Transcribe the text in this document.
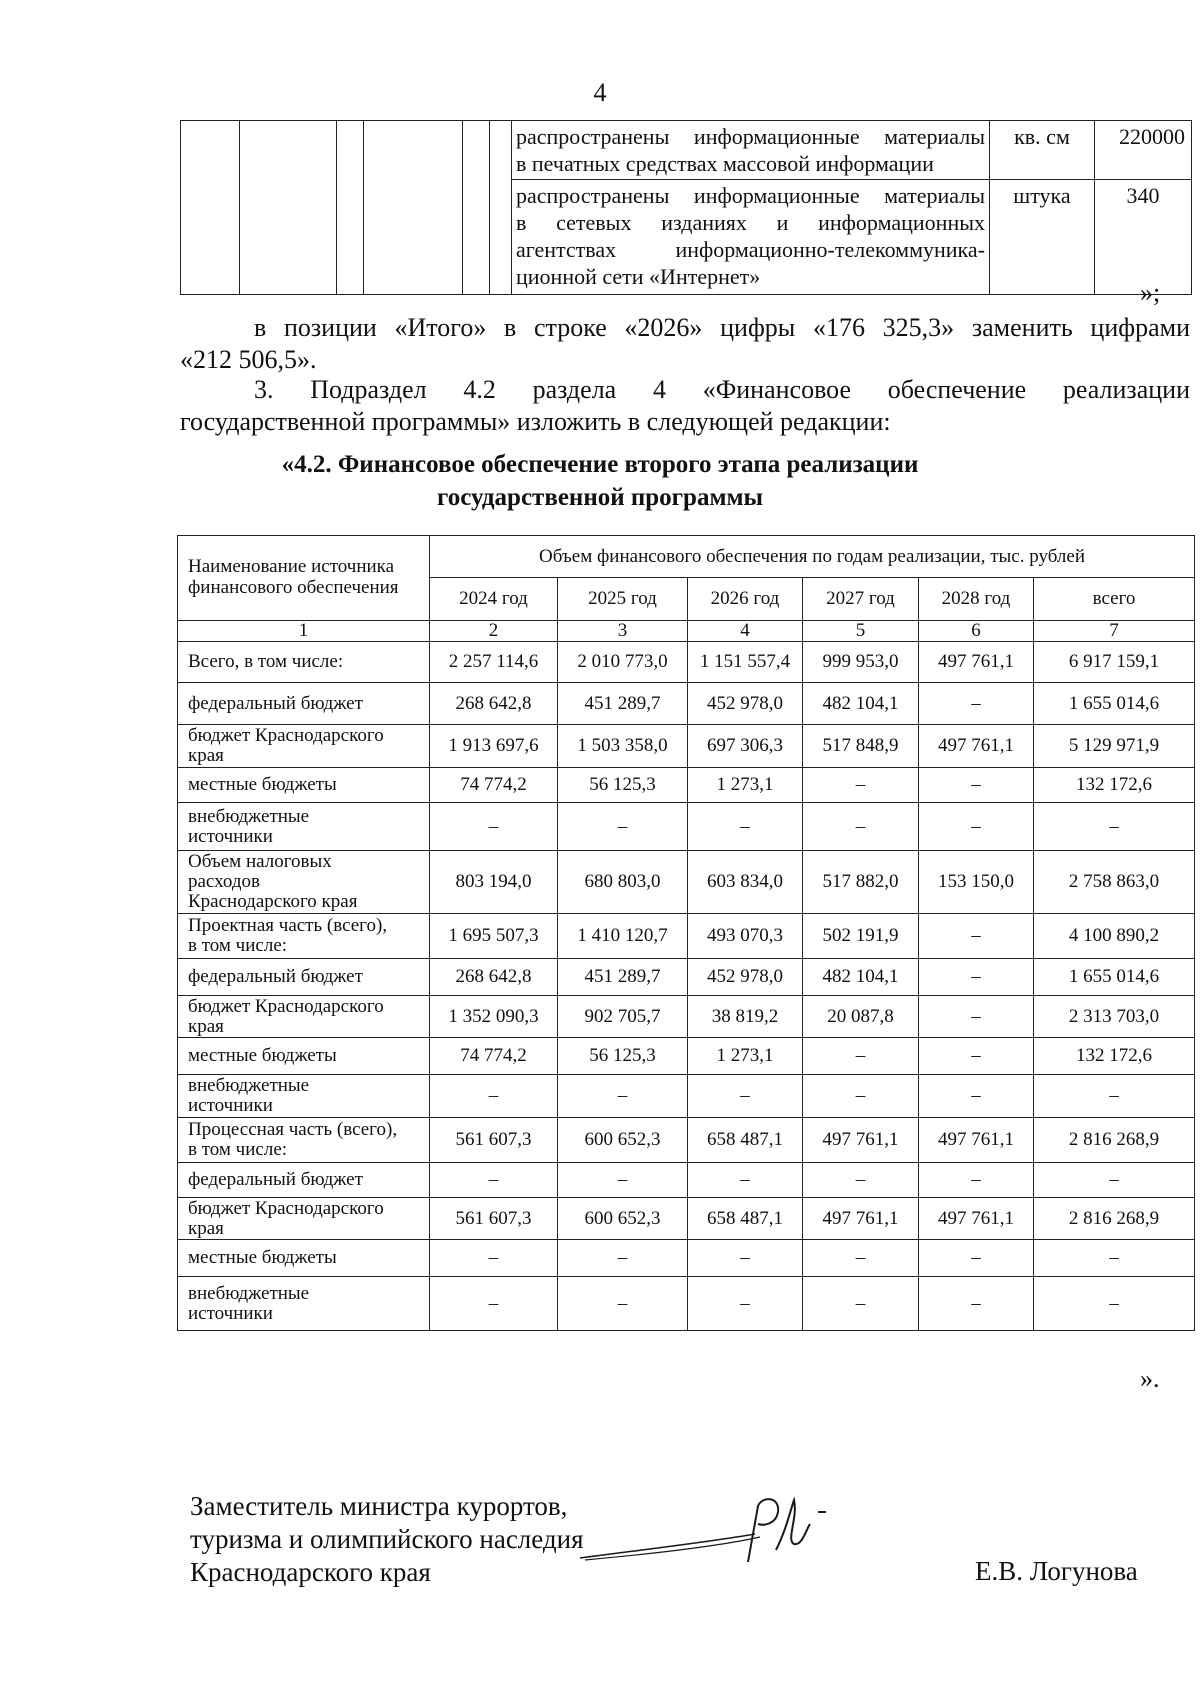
4
						распространены информационные материалы

в печатных средствах массовой информации	кв. см	220000
						распространены информационные материалы
в сетевых изданиях и информационных
агентствах информационно-телекоммуника-

ционной сети «Интернет»	штука	340
»;
в позиции «Итого» в строке «2026» цифры «176 325,3» заменить цифрами
«212 506,5».
3. Подраздел 4.2 раздела 4 «Финансовое обеспечение реализации
государственной программы» изложить в следующей редакции:
«4.2. Финансовое обеспечение второго этапа реализации
государственной программы
Наименование источника
финансового обеспечения	Объем финансового обеспечения по годам реализации, тыс. рублей					
	2024 год	2025 год	2026 год	2027 год	2028 год	всего
1	2	3	4	5	6	7
Всего, в том числе:	2 257 114,6	2 010 773,0	1 151 557,4	999 953,0	497 761,1	6 917 159,1
федеральный бюджет	268 642,8	451 289,7	452 978,0	482 104,1	–	1 655 014,6
бюджет Краснодарского
края	1 913 697,6	1 503 358,0	697 306,3	517 848,9	497 761,1	5 129 971,9
местные бюджеты	74 774,2	56 125,3	1 273,1	–	–	132 172,6
внебюджетные
источники	–	–	–	–	–	–
Объем налоговых
расходов
Краснодарского края	803 194,0	680 803,0	603 834,0	517 882,0	153 150,0	2 758 863,0
Проектная часть (всего),
в том числе:	1 695 507,3	1 410 120,7	493 070,3	502 191,9	–	4 100 890,2
федеральный бюджет	268 642,8	451 289,7	452 978,0	482 104,1	–	1 655 014,6
бюджет Краснодарского
края	1 352 090,3	902 705,7	38 819,2	20 087,8	–	2 313 703,0
местные бюджеты	74 774,2	56 125,3	1 273,1	–	–	132 172,6
внебюджетные
источники	–	–	–	–	–	–
Процессная часть (всего),
в том числе:	561 607,3	600 652,3	658 487,1	497 761,1	497 761,1	2 816 268,9
федеральный бюджет	–	–	–	–	–	–
бюджет Краснодарского
края	561 607,3	600 652,3	658 487,1	497 761,1	497 761,1	2 816 268,9
местные бюджеты	–	–	–	–	–	–
внебюджетные
источники	–	–	–	–	–	–
».
Заместитель министра курортов,
туризма и олимпийского наследия
Краснодарского края	Е.В. Логунова
